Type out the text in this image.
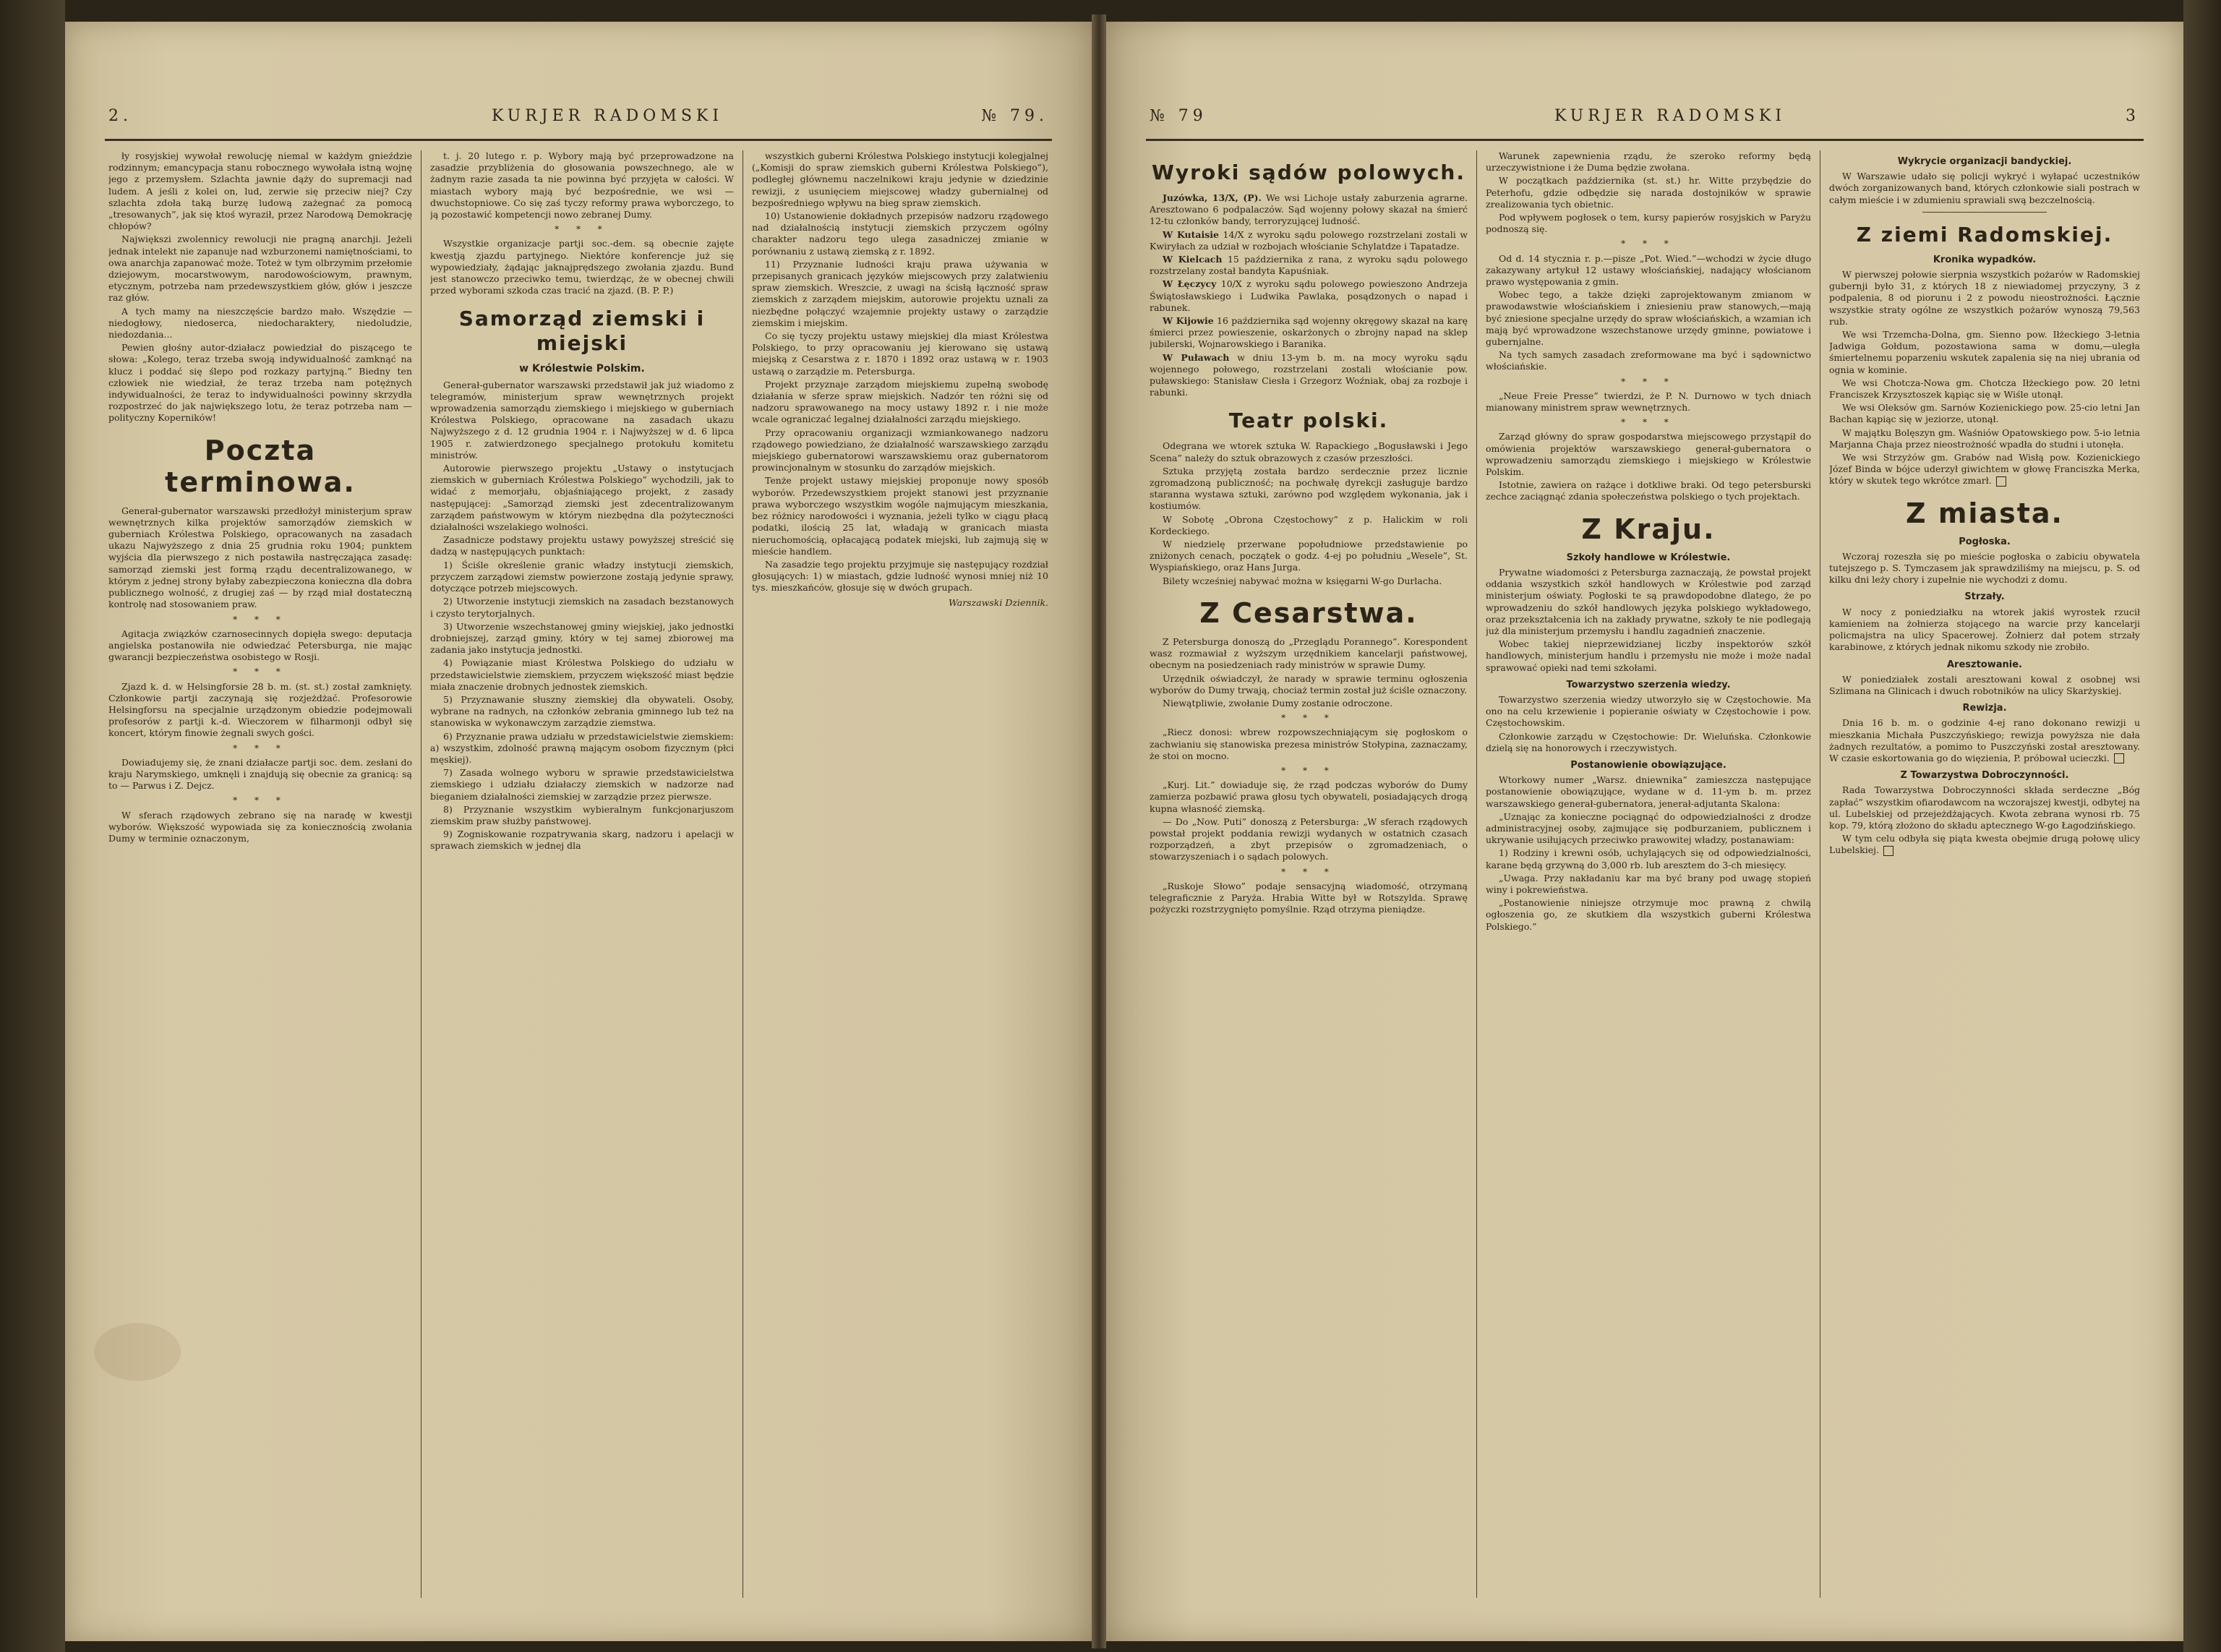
2.	KURJER RADOMSKI	№ 79.

ły rosyjskiej wywołał rewolucję niemal w każdym gnieździe rodzinnym; emancypacja stanu robocznego wywołała istną wojnę jego z przemysłem. Szlachta jawnie dąży do supremacji nad ludem. A jeśli z kolei on, lud, zerwie się przeciw niej? Czy szlachta zdoła taką burzę ludową zażegnać za pomocą „tresowanych”, jak się ktoś wyraził, przez Narodową Demokrację chłopów?

Największi zwolennicy rewolucji nie pragną anarchji. Jeżeli jednak intelekt nie zapanuje nad wzburzonemi namiętnościami, to owa anarchja zapanować może. Toteż w tym olbrzymim przełomie dziejowym, mocarstwowym, narodowościowym, prawnym, etycznym, potrzeba nam przedewszystkiem głów, głów i jeszcze raz głów.

A tych mamy na nieszczęście bardzo mało. Wszędzie — niedogłowy, niedoserca, niedocharaktery, niedoludzie, niedozdania...

Pewien głośny autor-działacz powiedział do piszącego te słowa: „Kolego, teraz trzeba swoją indywidualność zamknąć na klucz i poddać się ślepo pod rozkazy partyjną.” Biedny ten człowiek nie wiedział, że teraz trzeba nam potężnych indywidualności, że teraz to indywidualności powinny skrzydła rozpostrzeć do jak największego lotu, że teraz potrzeba nam — polityczny Koperników!

Poczta terminowa.

Generał-gubernator warszawski przedłożył ministerjum spraw wewnętrznych kilka projektów samorządów ziemskich w guberniach Królestwa Polskiego, opracowanych na zasadach ukazu Najwyższego z dnia 25 grudnia roku 1904; punktem wyjścia dla pierwszego z nich postawiła nastręczająca zasadę: samorząd ziemski jest formą rządu decentralizowanego, w którym z jednej strony byłaby zabezpieczona konieczna dla dobra publicznego wolność, z drugiej zaś — by rząd miał dostateczną kontrolę nad stosowaniem praw.

* * *

Agitacja związków czarnosecinnych dopięła swego: deputacja angielska postanowiła nie odwiedzać Petersburga, nie mając gwarancji bezpieczeństwa osobistego w Rosji.

* * *

Zjazd k. d. w Helsingforsie 28 b. m. (st. st.) został zamknięty. Członkowie partji zaczynają się rozjeżdżać. Profesorowie Helsingforsu na specjalnie urządzonym obiedzie podejmowali profesorów z partji k.-d. Wieczorem w filharmonji odbył się koncert, którym finowie żegnali swych gości.

* * *

Dowiadujemy się, że znani działacze partji soc. dem. zesłani do kraju Narymskiego, umknęli i znajdują się obecnie za granicą: są to — Parwus i Z. Dejcz.

* * *

W sferach rządowych zebrano się na naradę w kwestji wyborów. Większość wypowiada się za koniecznością zwołania Dumy w terminie oznaczonym,

t. j. 20 lutego r. p. Wybory mają być przeprowadzone na zasadzie przybliżenia do głosowania powszechnego, ale w żadnym razie zasada ta nie powinna być przyjęta w całości. W miastach wybory mają być bezpośrednie, we wsi — dwuchstopniowe. Co się zaś tyczy reformy prawa wyborczego, to ją pozostawić kompetencji nowo zebranej Dumy.

* * *

Wszystkie organizacje partji soc.-dem. są obecnie zajęte kwestją zjazdu partyjnego. Niektóre konferencje już się wypowiedziały, żądając jaknajprędszego zwołania zjazdu. Bund jest stanowczo przeciwko temu, twierdząc, że w obecnej chwili przed wyborami szkoda czas tracić na zjazd. (B. P. P.)

Samorząd ziemski i miejski
w Królestwie Polskim.

Generał-gubernator warszawski przedstawił jak już wiadomo z telegramów, ministerjum spraw wewnętrznych projekt wprowadzenia samorządu ziemskiego i miejskiego w guberniach Królestwa Polskiego, opracowane na zasadach ukazu Najwyższego z d. 12 grudnia 1904 r. i Najwyższej w d. 6 lipca 1905 r. zatwierdzonego specjalnego protokułu komitetu ministrów.

Autorowie pierwszego projektu „Ustawy o instytucjach ziemskich w guberniach Królestwa Polskiego” wychodzili, jak to widać z memorjału, objaśniającego projekt, z zasady następującej: „Samorząd ziemski jest zdecentralizowanym zarządem państwowym w którym niezbędna dla pożyteczności działalności wszelakiego wolności.

Zasadnicze podstawy projektu ustawy powyższej streścić się dadzą w następujących punktach:

1) Ściśle określenie granic władzy instytucji ziemskich, przyczem zarządowi ziemstw powierzone zostają jedynie sprawy, dotyczące potrzeb miejscowych.

2) Utworzenie instytucji ziemskich na zasadach bezstanowych i czysto terytorjalnych.

3) Utworzenie wszechstanowej gminy wiejskiej, jako jednostki drobniejszej, zarząd gminy, który w tej samej zbiorowej ma zadania jako instytucja jednostki.

4) Powiązanie miast Królestwa Polskiego do udziału w przedstawicielstwie ziemskiem, przyczem większość miast będzie miała znaczenie drobnych jednostek ziemskich.

5) Przyznawanie słuszny ziemskiej dla obywateli. Osoby, wybrane na radnych, na członków zebrania gminnego lub też na stanowiska w wykonawczym zarządzie ziemstwa.

6) Przyznanie prawa udziału w przedstawicielstwie ziemskiem: a) wszystkim, zdolność prawną mającym osobom fizycznym (płci męskiej).

7) Zasada wolnego wyboru w sprawie przedstawicielstwa ziemskiego i udziału działaczy ziemskich w nadzorze nad bieganiem działalności ziemskiej w zarządzie przez pierwsze.

8) Przyznanie wszystkim wybieralnym funkcjonarjuszom ziemskim praw służby państwowej.

9) Zogniskowanie rozpatrywania skarg, nadzoru i apelacji w sprawach ziemskich w jednej dla

wszystkich guberni Królestwa Polskiego instytucji kolegjalnej („Komisji do spraw ziemskich guberni Królestwa Polskiego”), podległej głównemu naczelnikowi kraju jedynie w dziedzinie rewizji, z usunięciem miejscowej władzy gubernialnej od bezpośredniego wpływu na bieg spraw ziemskich.

10) Ustanowienie dokładnych przepisów nadzoru rządowego nad działalnością instytucji ziemskich przyczem ogólny charakter nadzoru tego ulega zasadniczej zmianie w porównaniu z ustawą ziemską z r. 1892.

11) Przyznanie ludności kraju prawa używania w przepisanych granicach języków miejscowych przy zalatwieniu spraw ziemskich. Wreszcie, z uwagi na ścisłą łączność spraw ziemskich z zarządem miejskim, autorowie projektu uznali za niezbędne połączyć wzajemnie projekty ustawy o zarządzie ziemskim i miejskim.

Co się tyczy projektu ustawy miejskiej dla miast Królestwa Polskiego, to przy opracowaniu jej kierowano się ustawą miejską z Cesarstwa z r. 1870 i 1892 oraz ustawą w r. 1903 ustawą o zarządzie m. Petersburga.

Projekt przyznaje zarządom miejskiemu zupełną swobodę działania w sferze spraw miejskich. Nadzór ten różni się od nadzoru sprawowanego na mocy ustawy 1892 r. i nie może wcale ograniczać legalnej działalności zarządu miejskiego.

Przy opracowaniu organizacji wzmiankowanego nadzoru rządowego powiedziano, że działalność warszawskiego zarządu miejskiego gubernatorowi warszawskiemu oraz gubernatorom prowincjonalnym w stosunku do zarządów miejskich.

Tenże projekt ustawy miejskiej proponuje nowy sposób wyborów. Przedewszystkiem projekt stanowi jest przyznanie prawa wyborczego wszystkim wogóle najmującym mieszkania, bez różnicy narodowości i wyznania, jeżeli tylko w ciągu płacą podatki, ilością 25 lat, władają w granicach miasta nieruchomością, opłacającą podatek miejski, lub zajmują się w mieście handlem.

Na zasadzie tego projektu przyjmuje się następujący rozdział głosujących: 1) w miastach, gdzie ludność wynosi mniej niż 10 tys. mieszkańców, głosuje się w dwóch grupach.

Warszawski Dziennik.
№ 79	KURJER RADOMSKI	3
Wyroki sądów polowych.

Juzówka, 13/X, (P). We wsi Lichoje ustały zaburzenia agrarne. Aresztowano 6 podpalaczów. Sąd wojenny połowy skazał na śmierć 12-tu członków bandy, terroryzującej ludność.

W Kutaisie 14/X z wyroku sądu polowego rozstrzelani zostali w Kwiryłach za udział w rozbojach włościanie Schylatdze i Tapatadze.

W Kielcach 15 października z rana, z wyroku sądu polowego rozstrzelany został bandyta Kapuśniak.

W Łęczycy 10/X z wyroku sądu polowego powieszono Andrzeja Świątosławskiego i Ludwika Pawlaka, posądzonych o napad i rabunek.

W Kijowie 16 października sąd wojenny okręgowy skazał na karę śmierci przez powieszenie, oskarżonych o zbrojny napad na sklep jubilerski, Wojnarowskiego i Baranika.

W Puławach w dniu 13-ym b. m. na mocy wyroku sądu wojennego połowego, rozstrzelani zostali włościanie pow. puławskiego: Stanisław Ciesła i Grzegorz Woźniak, obaj za rozboje i rabunki.

Teatr polski.

Odegrana we wtorek sztuka W. Rapackiego „Bogusławski i Jego Scena” należy do sztuk obrazowych z czasów przeszłości.

Sztuka przyjętą została bardzo serdecznie przez licznie zgromadzoną publiczność; na pochwałę dyrekcji zasługuje bardzo staranna wystawa sztuki, zarówno pod względem wykonania, jak i kostiumów.

W Sobotę „Obrona Częstochowy” z p. Halickim w roli Kordeckiego.

W niedzielę przerwane popołudniowe przedstawienie po zniżonych cenach, początek o godz. 4-ej po południu „Wesele”, St. Wyspiańskiego, oraz Hans Jurga.

Bilety wcześniej nabywać można w księgarni W-go Durlacha.

Z Cesarstwa.

Z Petersburga donoszą do „Przeglądu Porannego”. Korespondent wasz rozmawiał z wyższym urzędnikiem kancelarji państwowej, obecnym na posiedzeniach rady ministrów w sprawie Dumy.

Urzędnik oświadczył, że narady w sprawie terminu ogłoszenia wyborów do Dumy trwają, chociaż termin został już ściśle oznaczony.

Niewątpliwie, zwołanie Dumy zostanie odroczone.

* * *

„Riecz donosi: wbrew rozpowszechniającym się pogłoskom o zachwianiu się stanowiska prezesa ministrów Stołypina, zaznaczamy, że stoi on mocno.

* * *

„Kurj. Lit.” dowiaduje się, że rząd podczas wyborów do Dumy zamierza pozbawić prawa głosu tych obywateli, posiadających drogą kupna własność ziemską.

— Do „Now. Puti” donoszą z Petersburga: „W sferach rządowych powstał projekt poddania rewizji wydanych w ostatnich czasach rozporządzeń, a zbyt przepisów o zgromadzeniach, o stowarzyszeniach i o sądach polowych.

* * *

„Ruskoje Słowo” podaje sensacyjną wiadomość, otrzymaną telegraficznie z Paryża. Hrabia Witte był w Rotszylda. Sprawę pożyczki rozstrzygnięto pomyślnie. Rząd otrzyma pieniądze.

Warunek zapewnienia rządu, że szeroko reformy będą urzeczywistnione i że Duma będzie zwołana.

W początkach października (st. st.) hr. Witte przybędzie do Peterhofu, gdzie odbędzie się narada dostojników w sprawie zrealizowania tych obietnic.

Pod wpływem pogłosek o tem, kursy papierów rosyjskich w Paryżu podnoszą się.

* * *

Od d. 14 stycznia r. p.—pisze „Pot. Wied.”—wchodzi w życie długo zakazywany artykuł 12 ustawy włościańskiej, nadający włościanom prawo występowania z gmin.

Wobec tego, a także dzięki zaprojektowanym zmianom w prawodawstwie włościańskiem i zniesieniu praw stanowych,—mają być zniesione specjalne urzędy do spraw włościańskich, a wzamian ich mają być wprowadzone wszechstanowe urzędy gminne, powiatowe i gubernjalne.

Na tych samych zasadach zreformowane ma być i sądownictwo włościańskie.

* * *

„Neue Freie Presse” twierdzi, że P. N. Durnowo w tych dniach mianowany ministrem spraw wewnętrznych.

* * *

Zarząd główny do spraw gospodarstwa miejscowego przystąpił do omówienia projektów warszawskiego generał-gubernatora o wprowadzeniu samorządu ziemskiego i miejskiego w Królestwie Polskim.

Istotnie, zawiera on rażące i dotkliwe braki. Od tego petersburski zechce zaciągnąć zdania społeczeństwa polskiego o tych projektach.

Z Kraju.
Szkoły handlowe w Królestwie.

Prywatne wiadomości z Petersburga zaznaczają, że powstał projekt oddania wszystkich szkół handlowych w Królestwie pod zarząd ministerjum oświaty. Pogłoski te są prawdopodobne dlatego, że po wprowadzeniu do szkół handlowych języka polskiego wykładowego, oraz przekształcenia ich na zakłady prywatne, szkoły te nie podlegają już dla ministerjum przemysłu i handlu zagadnień znaczenie.

Wobec takiej nieprzewidzianej liczby inspektorów szkół handlowych, ministerjum handlu i przemysłu nie może i może nadal sprawować opieki nad temi szkołami.

Towarzystwo szerzenia wiedzy.

Towarzystwo szerzenia wiedzy utworzyło się w Częstochowie. Ma ono na celu krzewienie i popieranie oświaty w Częstochowie i pow. Częstochowskim.

Członkowie zarządu w Częstochowie: Dr. Wieluńska. Członkowie dzielą się na honorowych i rzeczywistych.

Postanowienie obowiązujące.

Wtorkowy numer „Warsz. dniewnika” zamieszcza następujące postanowienie obowiązujące, wydane w d. 11-ym b. m. przez warszawskiego generał-gubernatora, jenerał-adjutanta Skalona:

„Uznając za konieczne pociągnąć do odpowiedzialności z drodze administracyjnej osoby, zajmujące się podburzaniem, publicznem i ukrywanie usiłujących przeciwko prawowitej władzy, postanawiam:

1) Rodziny i krewni osób, uchylających się od odpowiedzialności, karane będą grzywną do 3,000 rb. lub aresztem do 3-ch miesięcy.

„Uwaga. Przy nakładaniu kar ma być brany pod uwagę stopień winy i pokrewieństwa.

„Postanowienie niniejsze otrzymuje moc prawną z chwilą ogłoszenia go, ze skutkiem dla wszystkich guberni Królestwa Polskiego.”

Wykrycie organizacji bandyckiej.

W Warszawie udało się policji wykryć i wyłapać uczestników dwóch zorganizowanych band, których członkowie siali postrach w całym mieście i w zdumieniu sprawiali swą bezczelnością.

Z ziemi Radomskiej.
Kronika wypadków.

W pierwszej połowie sierpnia wszystkich pożarów w Radomskiej gubernji było 31, z których 18 z niewiadomej przyczyny, 3 z podpalenia, 8 od piorunu i 2 z powodu nieostrożności. Łącznie wszystkie straty ogólne ze wszystkich pożarów wynoszą 79,563 rub.

We wsi Trzemcha-Dolna, gm. Sienno pow. Iłżeckiego 3-letnia Jadwiga Gołdum, pozostawiona sama w domu,—uległa śmiertelnemu poparzeniu wskutek zapalenia się na niej ubrania od ognia w kominie.

We wsi Chotcza-Nowa gm. Chotcza Iłżeckiego pow. 20 letni Franciszek Krzysztoszek kąpiąc się w Wiśle utonął.

We wsi Oleksów gm. Sarnów Kozienickiego pow. 25-cio letni Jan Bachan kąpiąc się w jeziorze, utonął.

W majątku Bolęszyn gm. Waśniów Opatowskiego pow. 5-io letnia Marjanna Chaja przez nieostrożność wpadła do studni i utonęła.

We wsi Strzyżów gm. Grabów nad Wisłą pow. Kozienickiego Józef Binda w bójce uderzył giwichtem w głowę Franciszka Merka, który w skutek tego wkrótce zmarł.

Z miasta.
Pogłoska.

Wczoraj rozeszła się po mieście pogłoska o zabiciu obywatela tutejszego p. S. Tymczasem jak sprawdziliśmy na miejscu, p. S. od kilku dni leży chory i zupełnie nie wychodzi z domu.

Strzały.

W nocy z poniedziałku na wtorek jakiś wyrostek rzucił kamieniem na żołnierza stojącego na warcie przy kancelarji policmajstra na ulicy Spacerowej. Żołnierz dał potem strzały karabinowe, z których jednak nikomu szkody nie zrobiło.

Aresztowanie.

W poniedziałek zostali aresztowani kowal z osobnej wsi Szlimana na Glinicach i dwuch robotników na ulicy Skarżyskiej.

Rewizja.

Dnia 16 b. m. o godzinie 4-ej rano dokonano rewizji u mieszkania Michała Puszczyńskiego; rewizja powyższa nie dała żadnych rezultatów, a pomimo to Puszczyński został aresztowany. W czasie eskortowania go do więzienia, P. próbował ucieczki.

Z Towarzystwa Dobroczynności.

Rada Towarzystwa Dobroczynności składa serdeczne „Bóg zapłać” wszystkim ofiarodawcom na wczorajszej kwestji, odbytej na ul. Lubelskiej od przejeżdżających. Kwota zebrana wynosi rb. 75 kop. 79, którą złożono do składu aptecznego W-go Łagodzińskiego.

W tym celu odbyła się piąta kwesta obejmie drugą połowę ulicy Lubelskiej.
